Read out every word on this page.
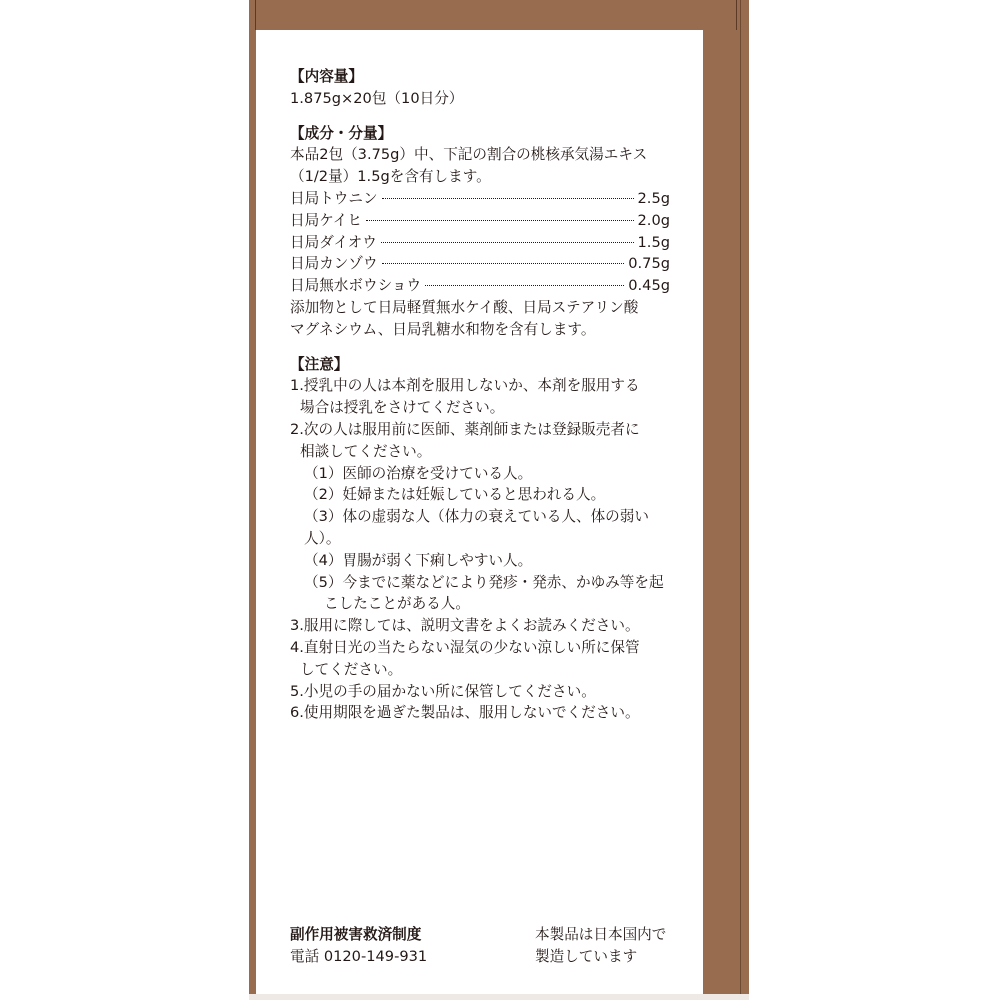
【内容量】
1.875g×20包（10日分）
【成分・分量】
本品2包（3.75g）中、下記の割合の桃核承気湯エキス
（1/2量）1.5gを含有します。
日局トウニン	2.5g
日局ケイヒ	2.0g
日局ダイオウ	1.5g
日局カンゾウ	0.75g
日局無水ボウショウ	0.45g
添加物として日局軽質無水ケイ酸、日局ステアリン酸
マグネシウム、日局乳糖水和物を含有します。
【注意】
1.授乳中の人は本剤を服用しないか、本剤を服用する
場合は授乳をさけてください。
2.次の人は服用前に医師、薬剤師または登録販売者に
相談してください。
（1）医師の治療を受けている人。
（2）妊婦または妊娠していると思われる人。
（3）体の虚弱な人（体力の衰えている人、体の弱い人）。
（4）胃腸が弱く下痢しやすい人。
（5）今までに薬などにより発疹・発赤、かゆみ等を起
こしたことがある人。
3.服用に際しては、説明文書をよくお読みください。
4.直射日光の当たらない湿気の少ない涼しい所に保管
してください。
5.小児の手の届かない所に保管してください。
6.使用期限を過ぎた製品は、服用しないでください。
副作用被害救済制度
電話 0120-149-931
本製品は日本国内で
製造しています
